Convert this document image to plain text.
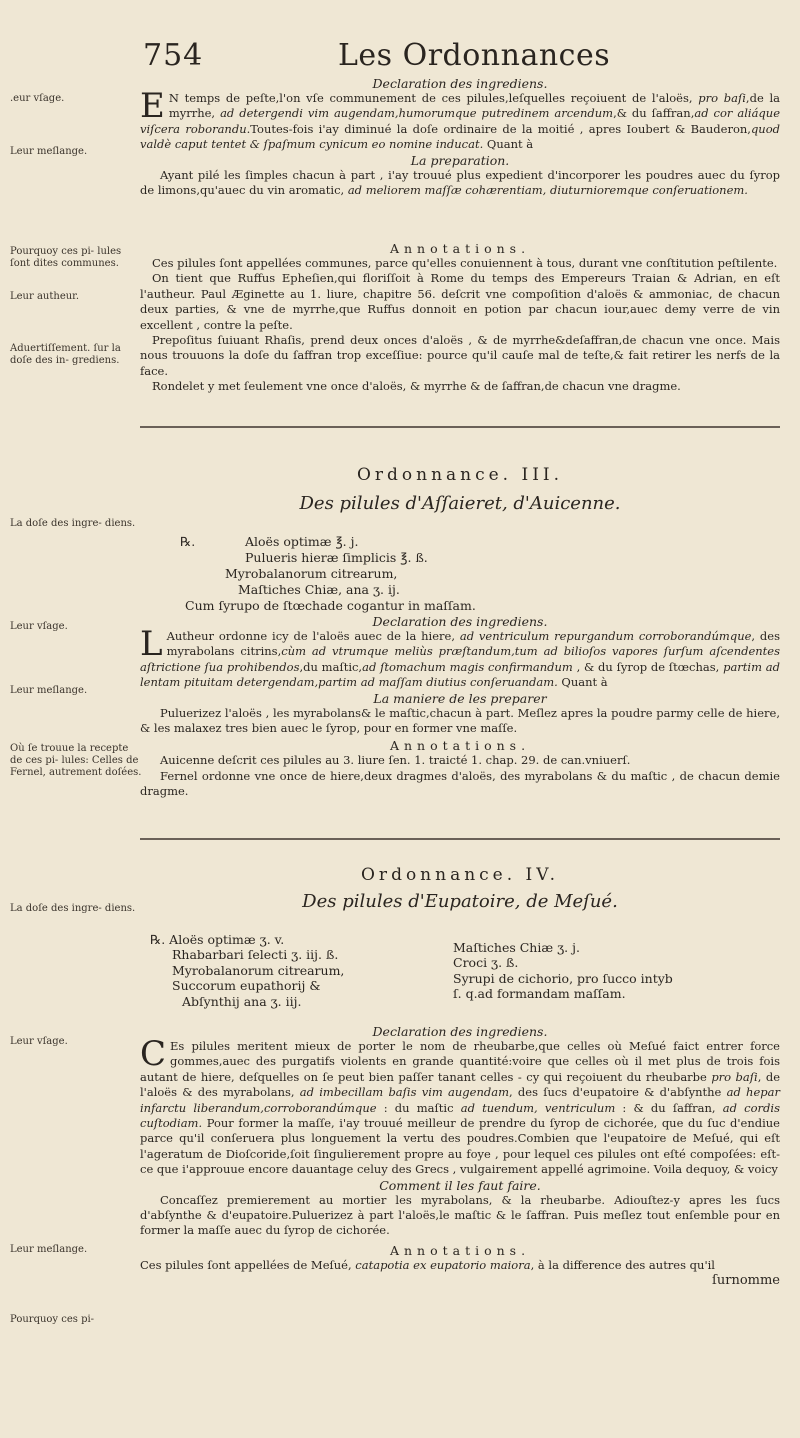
754	Les Ordonnances
.eur vſage.
Leur meſlange.
Pourquoy ces pi- lules ſont dites communes.
Leur autheur.
Aduertiſſement. ſur la doſe des in- grediens.
La doſe des ingre- diens.
Leur vſage.
Leur meſlange.
Où ſe trouue la recepte de ces pi- lules: Celles de Fernel, autrement doſées.
La doſe des ingre- diens.
Leur vſage.
Leur meſlange.
Pourquoy ces pi-

Declaration des ingrediens.

E N temps de peſte,l'on vſe communement de ces pilules,leſquelles reçoiuent de l'aloës, pro baſi,de la myrrhe, ad detergendi vim augendam,humorumque putredinem arcendum,& du ſaffran,ad cor aliáque viſcera roborandu.Toutes-fois i'ay diminué la doſe ordinaire de la moitié , apres Ioubert & Bauderon,quod valdè caput tentet & ſpaſmum cynicum eo nomine inducat. Quant à

La preparation.

Ayant pilé les ſimples chacun à part , i'ay trouué plus expedient d'incorporer les poudres auec du ſyrop de limons,qu'auec du vin aromatic, ad meliorem maſſæ cohærentiam, diuturnioremque conſeruationem.

Annotations.

Ces pilules ſont appellées communes, parce qu'elles conuiennent à tous, durant vne conſtitution peſtilente.

On tient que Ruffus Epheſien,qui floriſſoit à Rome du temps des Empereurs Traian & Adrian, en eſt l'autheur. Paul Æginette au 1. liure, chapitre 56. deſcrit vne compoſition d'aloës & ammoniac, de chacun deux parties, & vne de myrrhe,que Ruffus donnoit en potion par chacun iour,auec demy verre de vin excellent , contre la peſte.

Prepoſitus ſuiuant Rhaſis, prend deux onces d'aloës , & de myrrhe&deſaffran,de chacun vne once. Mais nous trouuons la doſe du ſaffran trop exceſſiue: pource qu'il cauſe mal de teſte,& fait retirer les nerfs de la face.

Rondelet y met ſeulement vne once d'aloës, & myrrhe & de ſaffran,de chacun vne dragme.

Ordonnance. III.

Des pilules d'Aſſaieret, d'Auicenne.

℞.	Aloës optimæ ℥. j.
Pulueris hieræ ſimplicis ℥. ß.
Myrobalanorum citrearum,
Maſtiches Chiæ, ana ʒ. ij.
Cum ſyrupo de ſtœchade cogantur in maſſam.

Declaration des ingrediens.

L Autheur ordonne icy de l'aloës auec de la hiere, ad ventriculum repurgandum corroborandúmque, des myrabolans citrins,cùm ad vtrumque meliùs præſtandum,tum ad bilioſos vapores ſurſum aſcendentes aſtrictione ſua prohibendos,du maſtic,ad ſtomachum magis confirmandum , & du ſyrop de ſtœchas, partim ad lentam pituitam detergendam,partim ad maſſam diutius conſeruandam. Quant à

La maniere de les preparer

Puluerizez l'aloës , les myrabolans& le maſtic,chacun à part. Meſlez apres la poudre parmy celle de hiere, & les malaxez tres bien auec le ſyrop, pour en former vne maſſe.

Annotations.

Auicenne deſcrit ces pilules au 3. liure ſen. 1. traicté 1. chap. 29. de can.vniuerſ.

Fernel ordonne vne once de hiere,deux dragmes d'aloës, des myrabolans & du maſtic , de chacun demie dragme.

Ordonnance. IV.

Des pilules d'Eupatoire, de Meſué.

℞. Aloës optimæ ʒ. v.
Rhabarbari ſelecti ʒ. iij. ß.
Myrobalanorum citrearum,
Succorum eupathorij &
Abſynthij ana ʒ. iij.
Maſtiches Chiæ ʒ. j.
Croci ʒ. ß.
Syrupi de cichorio, pro ſucco intyb
ſ. q.ad formandam maſſam.

Declaration des ingrediens.

C Es pilules meritent mieux de porter le nom de rheubarbe,que celles où Meſué faict entrer force gommes,auec des purgatifs violents en grande quantité:voire que celles où il met plus de trois fois autant de hiere, deſquelles on ſe peut bien paſſer tanant celles - cy qui reçoiuent du rheubarbe pro baſi, de l'aloës & des myrabolans, ad imbecillam baſis vim augendam, des ſucs d'eupatoire & d'abſynthe ad hepar infarctu liberandum,corroborandúmque : du maſtic ad tuendum, ventriculum : & du ſaffran, ad cordis cuſtodiam. Pour former la maſſe, i'ay trouué meilleur de prendre du ſyrop de cichorée, que du ſuc d'endiue parce qu'il conſeruera plus longuement la vertu des poudres.Combien que l'eupatoire de Meſué, qui eſt l'ageratum de Dioſcoride,ſoit ſingulierement propre au foye , pour lequel ces pilules ont eſté compoſées: eſt-ce que i'approuue encore dauantage celuy des Grecs , vulgairement appellé agrimoine. Voila dequoy, & voicy

Comment il les faut faire.

Concaſſez premierement au mortier les myrabolans, & la rheubarbe. Adiouſtez-y apres les ſucs d'abſynthe & d'eupatoire.Puluerizez à part l'aloës,le maſtic & le ſaffran. Puis meſlez tout enſemble pour en former la maſſe auec du ſyrop de cichorée.

Annotations.

Ces pilules ſont appellées de Meſué, catapotia ex eupatorio maiora, à la difference des autres qu'il

ſurnomme
